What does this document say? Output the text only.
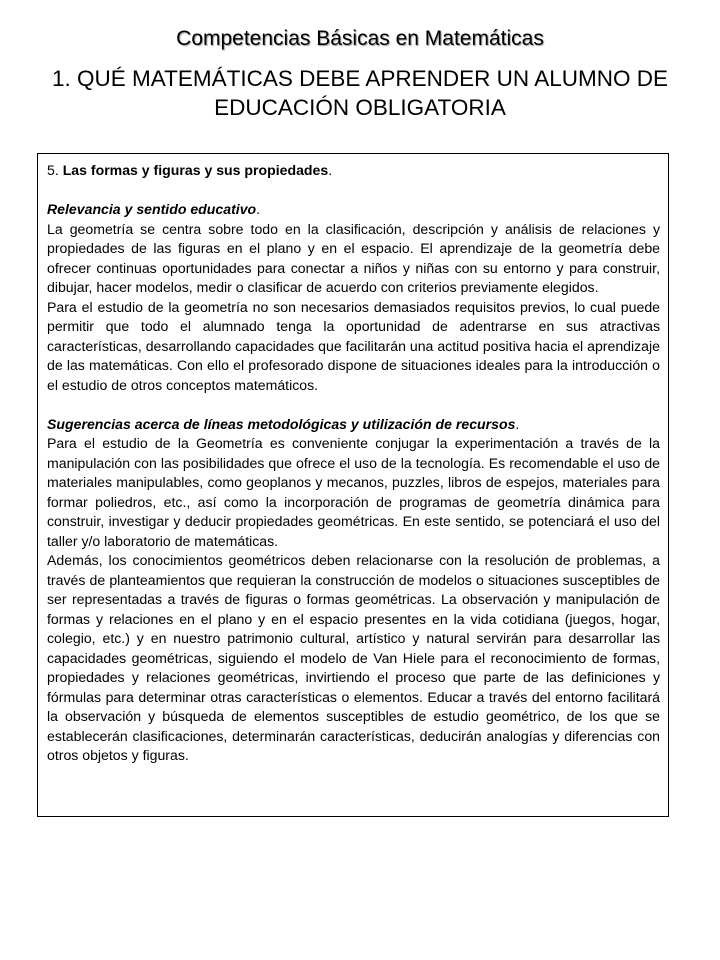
Competencias Básicas en Matemáticas
1. QUÉ MATEMÁTICAS DEBE APRENDER UN ALUMNO DE EDUCACIÓN OBLIGATORIA

5. Las formas y figuras y sus propiedades.

Relevancia y sentido educativo.

La geometría se centra sobre todo en la clasificación, descripción y análisis de relaciones y propiedades de las figuras en el plano y en el espacio. El aprendizaje de la geometría debe ofrecer continuas oportunidades para conectar a niños y niñas con su entorno y para construir, dibujar, hacer modelos, medir o clasificar de acuerdo con criterios previamente elegidos.

Para el estudio de la geometría no son necesarios demasiados requisitos previos, lo cual puede permitir que todo el alumnado tenga la oportunidad de adentrarse en sus atractivas características, desarrollando capacidades que facilitarán una actitud positiva hacia el aprendizaje de las matemáticas. Con ello el profesorado dispone de situaciones ideales para la introducción o el estudio de otros conceptos matemáticos.

Sugerencias acerca de líneas metodológicas y utilización de recursos.

Para el estudio de la Geometría es conveniente conjugar la experimentación a través de la manipulación con las posibilidades que ofrece el uso de la tecnología. Es recomendable el uso de materiales manipulables, como geoplanos y mecanos, puzzles, libros de espejos, materiales para formar poliedros, etc., así como la incorporación de programas de geometría dinámica para construir, investigar y deducir propiedades geométricas. En este sentido, se potenciará el uso del taller y/o laboratorio de matemáticas.

Además, los conocimientos geométricos deben relacionarse con la resolución de problemas, a través de planteamientos que requieran la construcción de modelos o situaciones susceptibles de ser representadas a través de figuras o formas geométricas. La observación y manipulación de formas y relaciones en el plano y en el espacio presentes en la vida cotidiana (juegos, hogar, colegio, etc.) y en nuestro patrimonio cultural, artístico y natural servirán para desarrollar las capacidades geométricas, siguiendo el modelo de Van Hiele para el reconocimiento de formas, propiedades y relaciones geométricas, invirtiendo el proceso que parte de las definiciones y fórmulas para determinar otras características o elementos. Educar a través del entorno facilitará la observación y búsqueda de elementos susceptibles de estudio geométrico, de los que se establecerán clasificaciones, determinarán características, deducirán analogías y diferencias con otros objetos y figuras.
